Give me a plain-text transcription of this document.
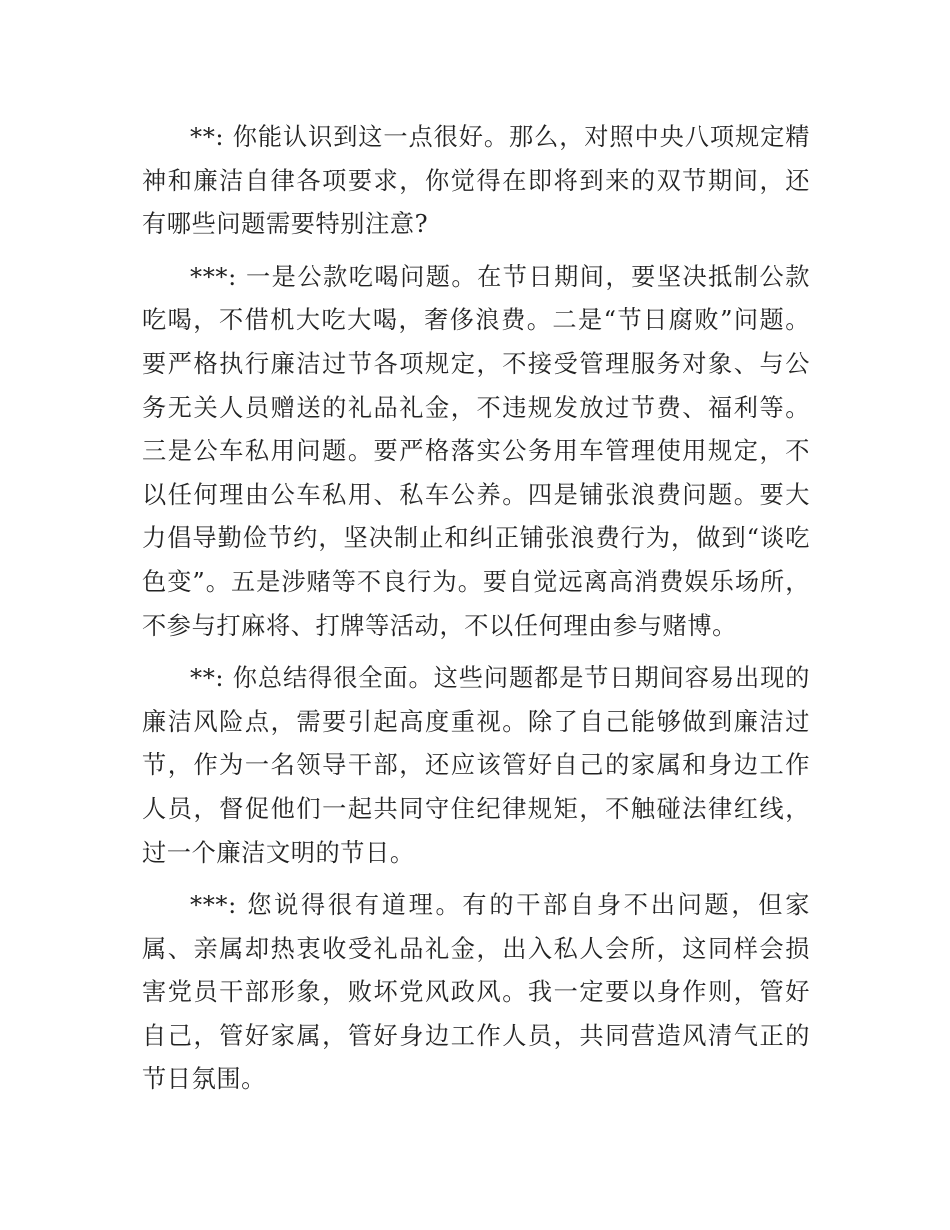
**: 你能认识到这一点很好。那么，对照中央八项规定精神和廉洁自律各项要求，你觉得在即将到来的双节期间，还有哪些问题需要特别注意?

***: 一是公款吃喝问题。在节日期间，要坚决抵制公款吃喝，不借机大吃大喝，奢侈浪费。二是“节日腐败”问题。要严格执行廉洁过节各项规定，不接受管理服务对象、与公务无关人员赠送的礼品礼金，不违规发放过节费、福利等。三是公车私用问题。要严格落实公务用车管理使用规定，不以任何理由公车私用、私车公养。四是铺张浪费问题。要大力倡导勤俭节约，坚决制止和纠正铺张浪费行为，做到“谈吃色变”。五是涉赌等不良行为。要自觉远离高消费娱乐场所，不参与打麻将、打牌等活动，不以任何理由参与赌博。

**: 你总结得很全面。这些问题都是节日期间容易出现的廉洁风险点，需要引起高度重视。除了自己能够做到廉洁过节，作为一名领导干部，还应该管好自己的家属和身边工作人员，督促他们一起共同守住纪律规矩，不触碰法律红线，过一个廉洁文明的节日。

***: 您说得很有道理。有的干部自身不出问题，但家属、亲属却热衷收受礼品礼金，出入私人会所，这同样会损害党员干部形象，败坏党风政风。我一定要以身作则，管好自己，管好家属，管好身边工作人员，共同营造风清气正的节日氛围。
